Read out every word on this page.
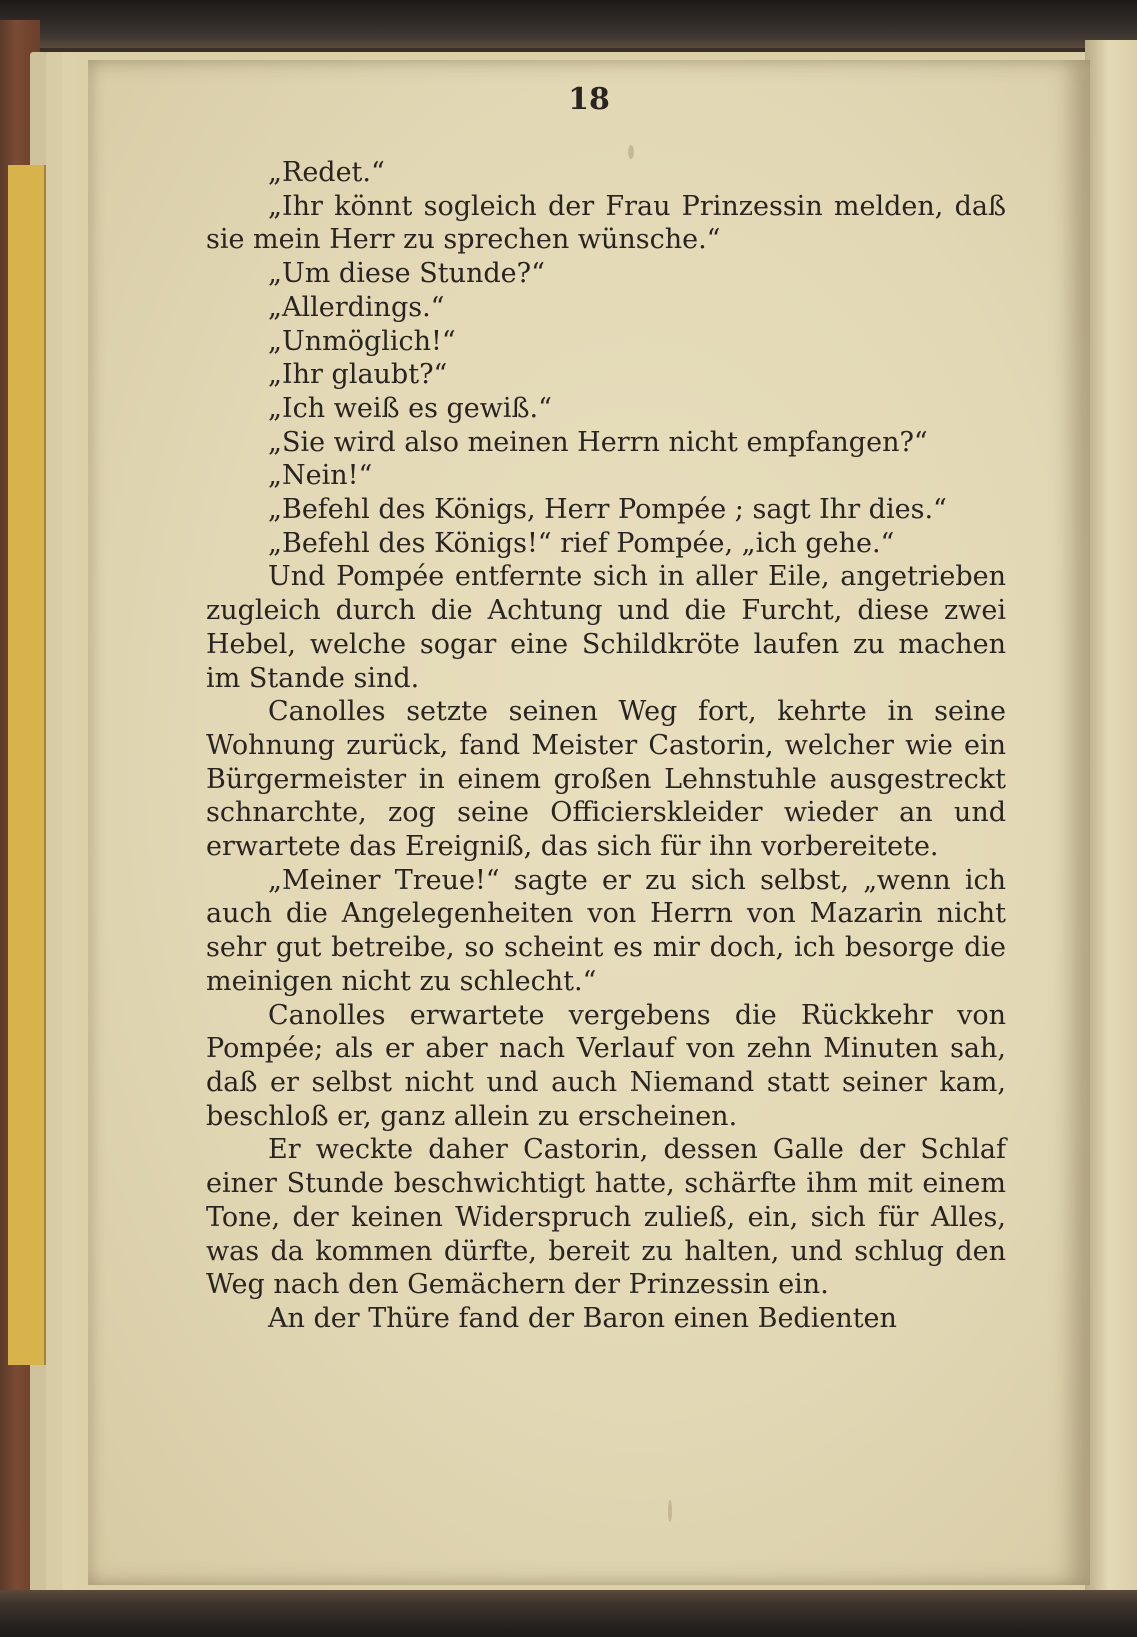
18

„Redet.“

„Ihr könnt sogleich der Frau Prinzessin melden, daß sie mein Herr zu sprechen wünsche.“

„Um diese Stunde?“

„Allerdings.“

„Unmöglich!“

„Ihr glaubt?“

„Ich weiß es gewiß.“

„Sie wird also meinen Herrn nicht empfangen?“

„Nein!“

„Befehl des Königs, Herr Pompée ; sagt Ihr dies.“

„Befehl des Königs!“ rief Pompée, „ich gehe.“

Und Pompée entfernte sich in aller Eile, angetrieben zugleich durch die Achtung und die Furcht, diese zwei Hebel, welche sogar eine Schildkröte laufen zu machen im Stande sind.

Canolles setzte seinen Weg fort, kehrte in seine Wohnung zurück, fand Meister Castorin, welcher wie ein Bürgermeister in einem großen Lehnstuhle ausgestreckt schnarchte, zog seine Officierskleider wieder an und erwartete das Ereigniß, das sich für ihn vorbereitete.

„Meiner Treue!“ sagte er zu sich selbst, „wenn ich auch die Angelegenheiten von Herrn von Mazarin nicht sehr gut betreibe, so scheint es mir doch, ich besorge die meinigen nicht zu schlecht.“

Canolles erwartete vergebens die Rückkehr von Pompée; als er aber nach Verlauf von zehn Minuten sah, daß er selbst nicht und auch Niemand statt seiner kam, beschloß er, ganz allein zu erscheinen.

Er weckte daher Castorin, dessen Galle der Schlaf einer Stunde beschwichtigt hatte, schärfte ihm mit einem Tone, der keinen Widerspruch zuließ, ein, sich für Alles, was da kommen dürfte, bereit zu halten, und schlug den Weg nach den Gemächern der Prinzessin ein.

An der Thüre fand der Baron einen Bedienten
